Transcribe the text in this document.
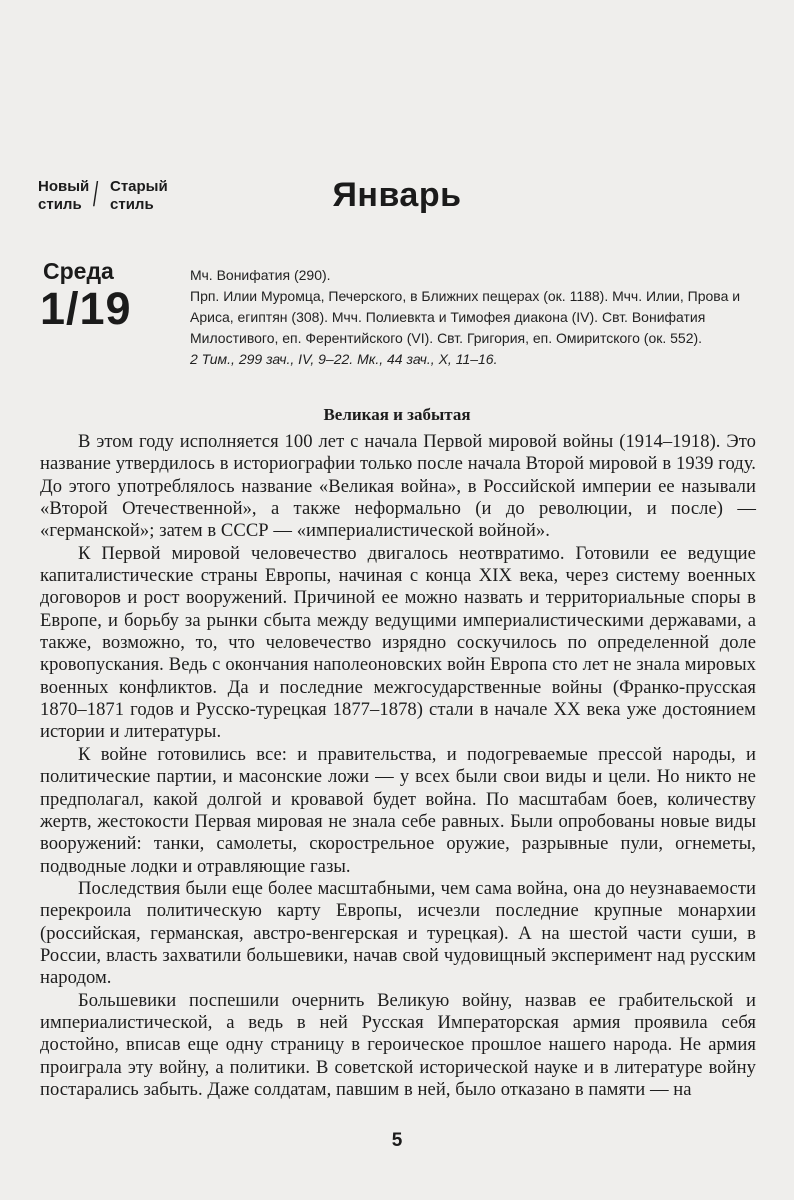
Новый
стиль / Старый
стиль	Январь
Среда
1/19

Мч. Вонифатия (290).

Прп. Илии Муромца, Печерского, в Ближних пещерах (ок. 1188). Мчч. Илии, Прова и Ариса, египтян (308). Мчч. Полиевкта и Тимофея диакона (IV). Свт. Вонифатия Милостивого, еп. Ферентийского (VI). Свт. Григория, еп. Омиритского (ок. 552).

2 Тим., 299 зач., IV, 9–22. Мк., 44 зач., X, 11–16.

Великая и забытая

В этом году исполняется 100 лет с начала Первой мировой войны (1914–1918). Это название утвердилось в историографии только после начала Второй мировой в 1939 году. До этого употреблялось название «Великая война», в Российской империи ее называли «Второй Отечественной», а также неформально (и до революции, и после) — «германской»; затем в СССР — «империалистической войной».

К Первой мировой человечество двигалось неотвратимо. Готовили ее ведущие капиталистические страны Европы, начиная с конца XIX века, через систему военных договоров и рост вооружений. Причиной ее можно назвать и территориальные споры в Европе, и борьбу за рынки сбыта между ведущими империалистическими державами, а также, возможно, то, что человечество изрядно соскучилось по определенной доле кровопускания. Ведь с окончания наполеоновских войн Европа сто лет не знала мировых военных конфликтов. Да и последние межгосударственные войны (Франко-прусская 1870–1871 годов и Русско-турецкая 1877–1878) стали в начале XX века уже достоянием истории и литературы.

К войне готовились все: и правительства, и подогреваемые прессой народы, и политические партии, и масонские ложи — у всех были свои виды и цели. Но никто не предполагал, какой долгой и кровавой будет война. По масштабам боев, количеству жертв, жестокости Первая мировая не знала себе равных. Были опробованы новые виды вооружений: танки, самолеты, скорострельное оружие, разрывные пули, огнеметы, подводные лодки и отравляющие газы.

Последствия были еще более масштабными, чем сама война, она до неузнаваемости перекроила политическую карту Европы, исчезли последние крупные монархии (российская, германская, австро-венгерская и турецкая). А на шестой части суши, в России, власть захватили большевики, начав свой чудовищный эксперимент над русским народом.

Большевики поспешили очернить Великую войну, назвав ее грабительской и империалистической, а ведь в ней Русская Императорская армия проявила себя достойно, вписав еще одну страницу в героическое прошлое нашего народа. Не армия проиграла эту войну, а политики. В советской исторической науке и в литературе войну постарались забыть. Даже солдатам, павшим в ней, было отказано в памяти — на

5
